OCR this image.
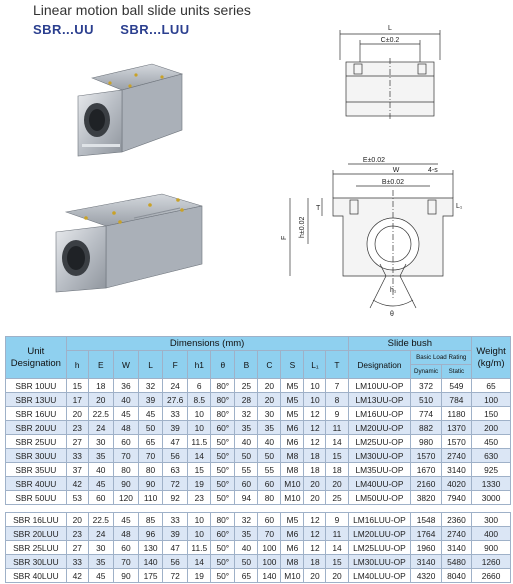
Linear motion ball slide units series
SBR...UU SBR...LUU	L
C±0.2
E±0.02
W
B±0.02
4-s
T	L₁
h±0.02
F
h₁
θ
Unit
Designation	Dimensions (mm)												Slide bush			Weight
(kg/m)
	h	E	W	L	F	h1	θ	B	C	S	L₁	T	Designation	Basic Load Rating		
														Dynamic	Static	
SBR 10UU	15	18	36	32	24	6	80°	25	20	M5	10	7	LM10UU-OP	372	549	65
SBR 13UU	17	20	40	39	27.6	8.5	80°	28	20	M5	10	8	LM13UU-OP	510	784	100
SBR 16UU	20	22.5	45	45	33	10	80°	32	30	M5	12	9	LM16UU-OP	774	1180	150
SBR 20UU	23	24	48	50	39	10	60°	35	35	M6	12	11	LM20UU-OP	882	1370	200
SBR 25UU	27	30	60	65	47	11.5	50°	40	40	M6	12	14	LM25UU-OP	980	1570	450
SBR 30UU	33	35	70	70	56	14	50°	50	50	M8	18	15	LM30UU-OP	1570	2740	630
SBR 35UU	37	40	80	80	63	15	50°	55	55	M8	18	18	LM35UU-OP	1670	3140	925
SBR 40UU	42	45	90	90	72	19	50°	60	60	M10	20	20	LM40UU-OP	2160	4020	1330
SBR 50UU	53	60	120	110	92	23	50°	94	80	M10	20	25	LM50UU-OP	3820	7940	3000

SBR 16LUU	20	22.5	45	85	33	10	80°	32	60	M5	12	9	LM16LUU-OP	1548	2360	300
SBR 20LUU	23	24	48	96	39	10	60°	35	70	M6	12	11	LM20LUU-OP	1764	2740	400
SBR 25LUU	27	30	60	130	47	11.5	50°	40	100	M6	12	14	LM25LUU-OP	1960	3140	900
SBR 30LUU	33	35	70	140	56	14	50°	50	100	M8	18	15	LM30LUU-OP	3140	5480	1260
SBR 40LUU	42	45	90	175	72	19	50°	65	140	M10	20	20	LM40LUU-OP	4320	8040	2660
